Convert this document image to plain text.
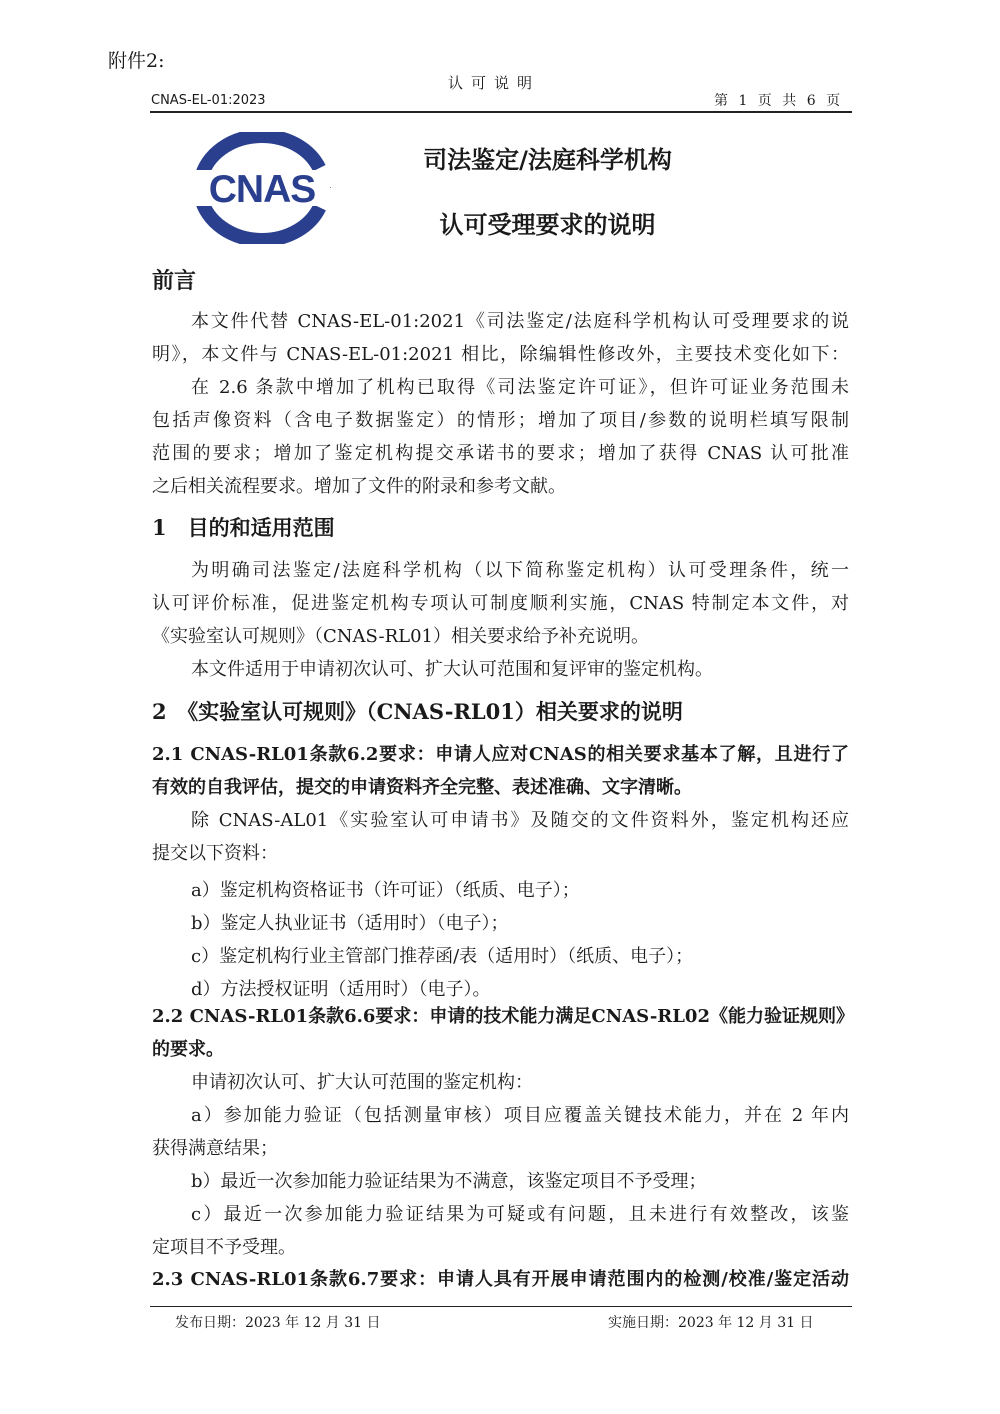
附件2:
认可说明
CNAS-EL-01:2023	第 1 页 共 6 页
CNAS
司法鉴定/法庭科学机构
认可受理要求的说明
前言
本文件代替 CNAS-EL-01:2021《司法鉴定/法庭科学机构认可受理要求的说
明》，本文件与 CNAS-EL-01:2021 相比，除编辑性修改外，主要技术变化如下：
在 2.6 条款中增加了机构已取得《司法鉴定许可证》，但许可证业务范围未
包括声像资料（含电子数据鉴定）的情形；增加了项目/参数的说明栏填写限制
范围的要求；增加了鉴定机构提交承诺书的要求；增加了获得 CNAS 认可批准
之后相关流程要求。增加了文件的附录和参考文献。
1　目的和适用范围
为明确司法鉴定/法庭科学机构（以下简称鉴定机构）认可受理条件，统一
认可评价标准，促进鉴定机构专项认可制度顺利实施，CNAS 特制定本文件，对
《实验室认可规则》（CNAS-RL01）相关要求给予补充说明。
本文件适用于申请初次认可、扩大认可范围和复评审的鉴定机构。
2　《实验室认可规则》（CNAS-RL01）相关要求的说明
2.1 CNAS-RL01条款6.2要求：申请人应对CNAS的相关要求基本了解，且进行了
有效的自我评估，提交的申请资料齐全完整、表述准确、文字清晰。
除 CNAS-AL01《实验室认可申请书》及随交的文件资料外，鉴定机构还应
提交以下资料：
a）鉴定机构资格证书（许可证）（纸质、电子）；
b）鉴定人执业证书（适用时）（电子）；
c）鉴定机构行业主管部门推荐函/表（适用时）（纸质、电子）；
d）方法授权证明（适用时）（电子）。
2.2 CNAS-RL01条款6.6要求：申请的技术能力满足CNAS-RL02《能力验证规则》
的要求。
申请初次认可、扩大认可范围的鉴定机构：
a）参加能力验证（包括测量审核）项目应覆盖关键技术能力，并在 2 年内
获得满意结果；
b）最近一次参加能力验证结果为不满意，该鉴定项目不予受理；
c）最近一次参加能力验证结果为可疑或有问题，且未进行有效整改，该鉴
定项目不予受理。
2.3 CNAS-RL01条款6.7要求：申请人具有开展申请范围内的检测/校准/鉴定活动
发布日期：2023 年 12 月 31 日	实施日期：2023 年 12 月 31 日
